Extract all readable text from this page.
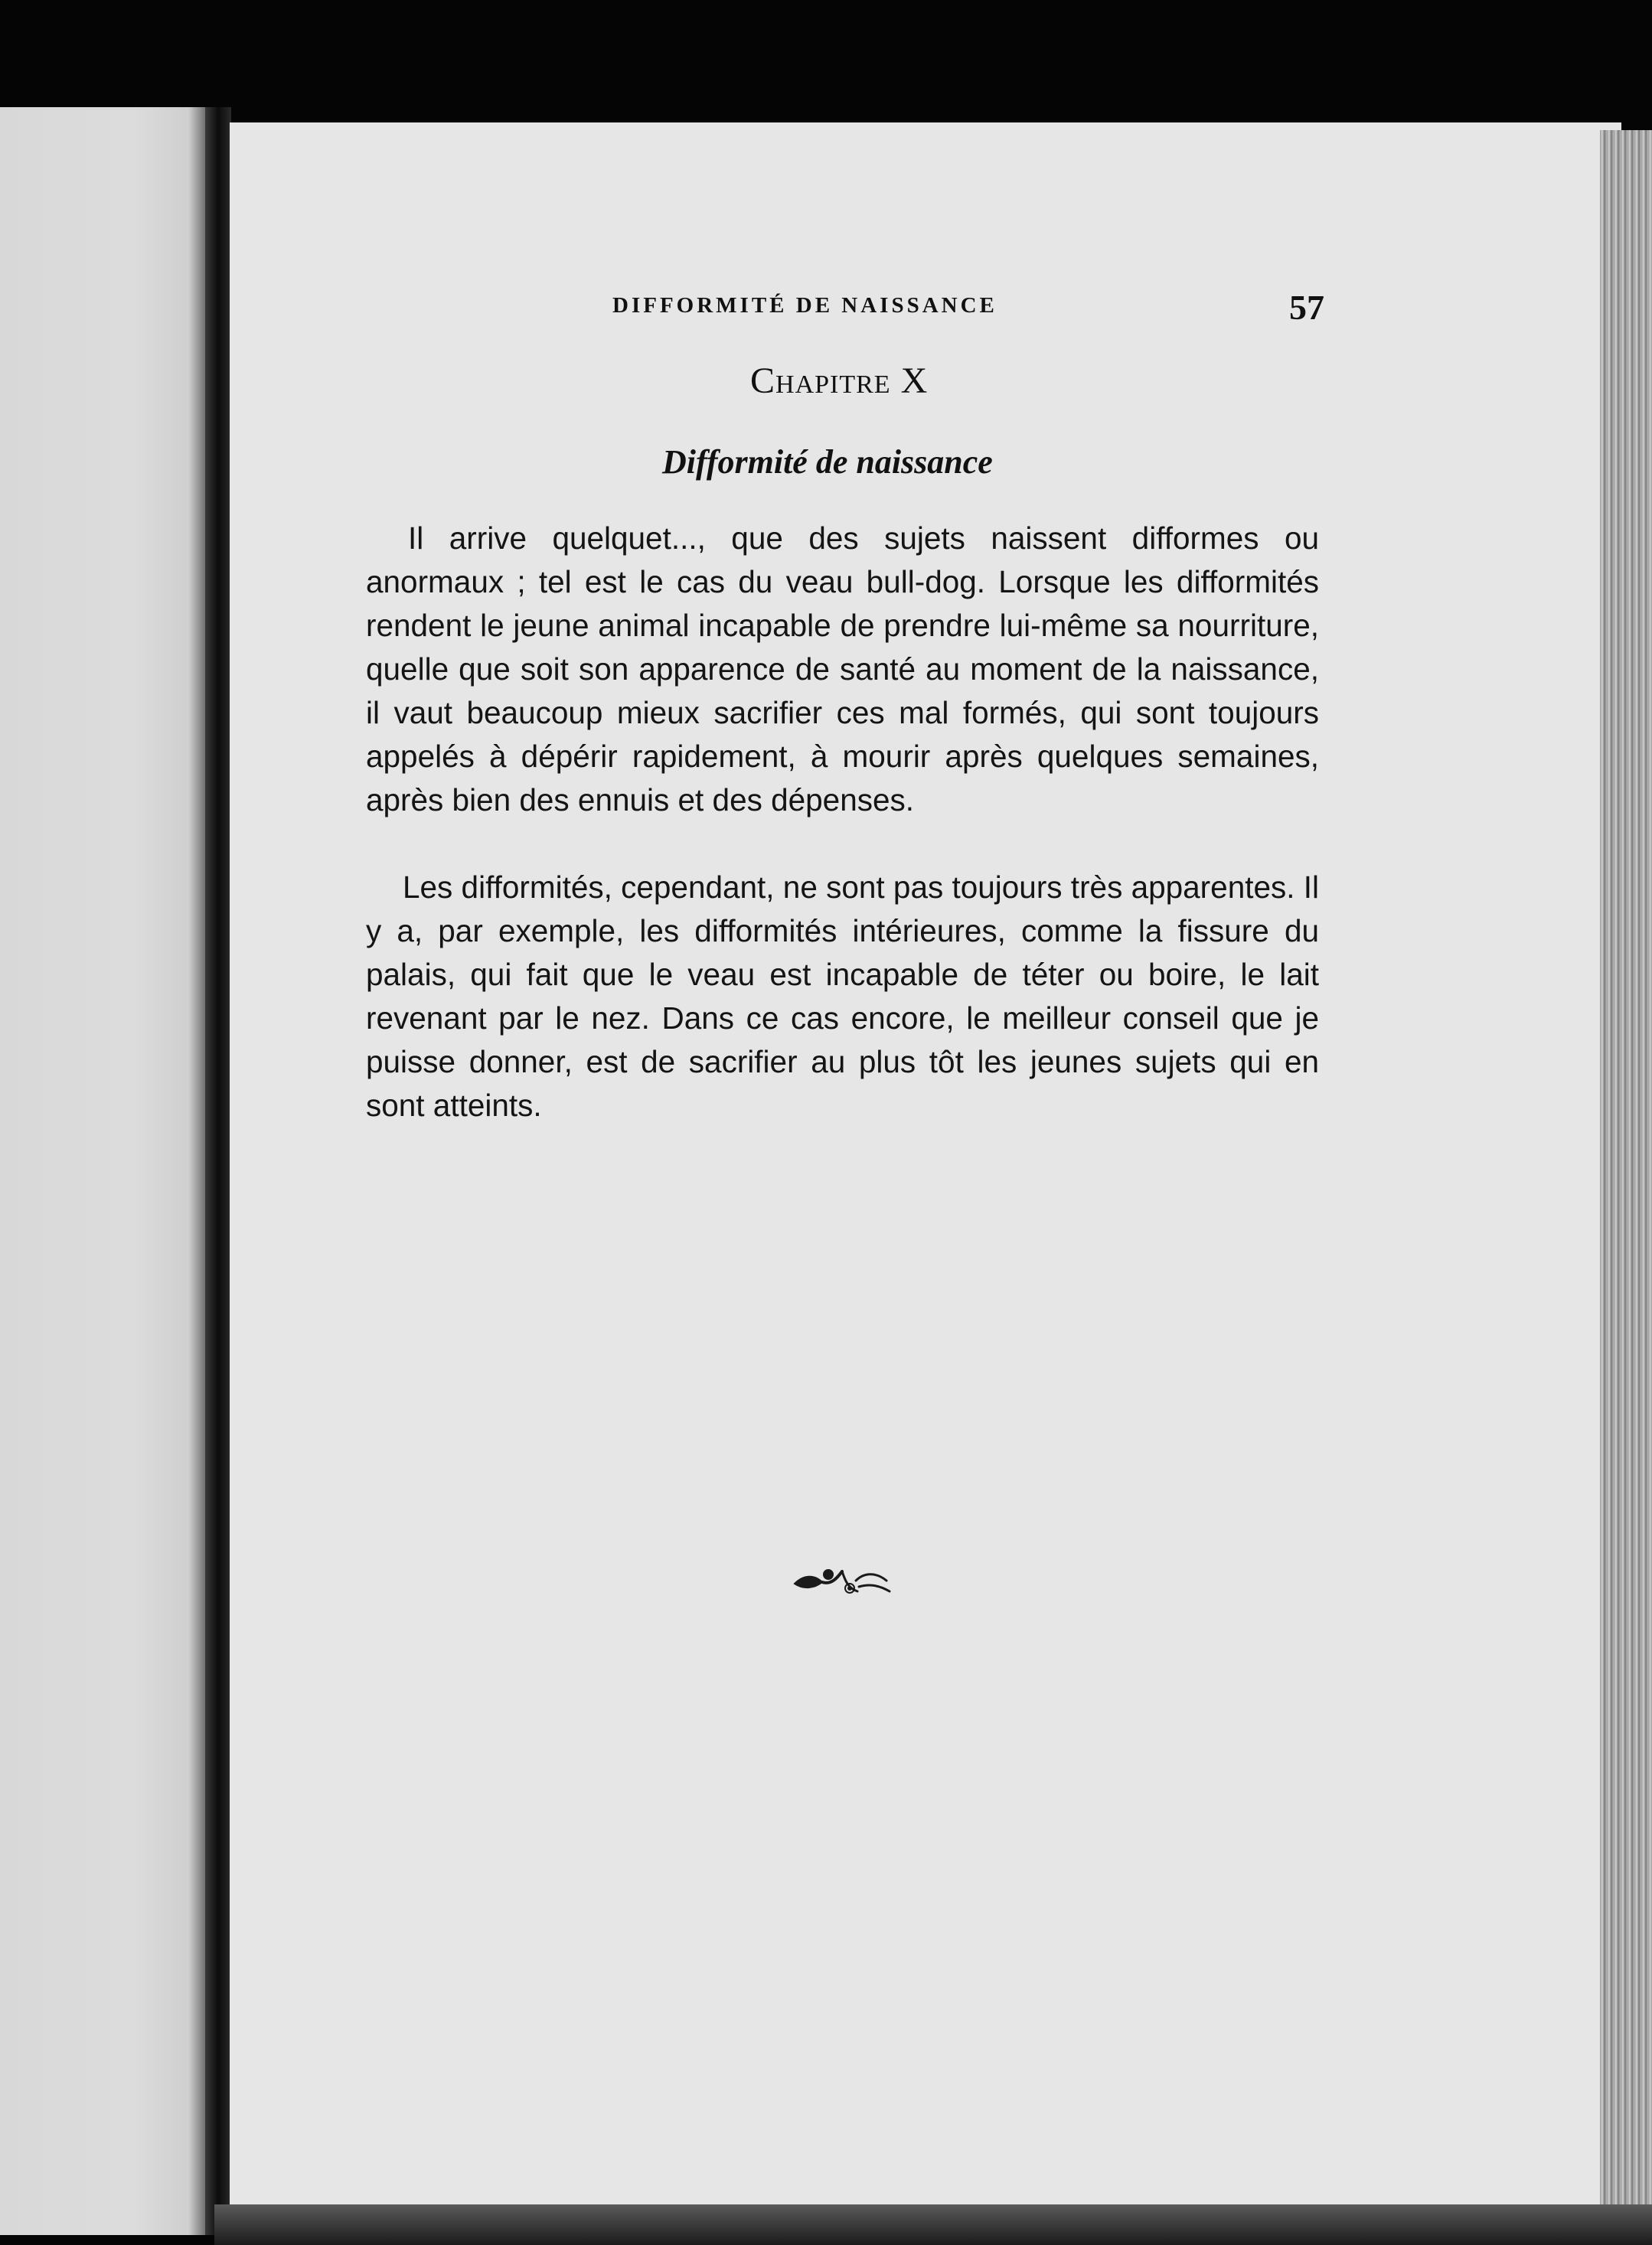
DIFFORMITÉ DE NAISSANCE	57
Chapitre X
Difformité de naissance

Il arrive quelquet..., que des sujets naissent difformes ou anormaux ; tel est le cas du veau bull-dog. Lorsque les difformités rendent le jeune animal incapable de prendre lui-même sa nourriture, quelle que soit son apparence de santé au moment de la naissance, il vaut beaucoup mieux sacrifier ces mal formés, qui sont toujours appelés à dépérir rapidement, à mourir après quelques semaines, après bien des ennuis et des dépenses.

Les difformités, cependant, ne sont pas toujours très apparentes. Il y a, par exemple, les difformités intérieures, comme la fissure du palais, qui fait que le veau est incapable de téter ou boire, le lait revenant par le nez. Dans ce cas encore, le meilleur conseil que je puisse donner, est de sacrifier au plus tôt les jeunes sujets qui en sont atteints.
